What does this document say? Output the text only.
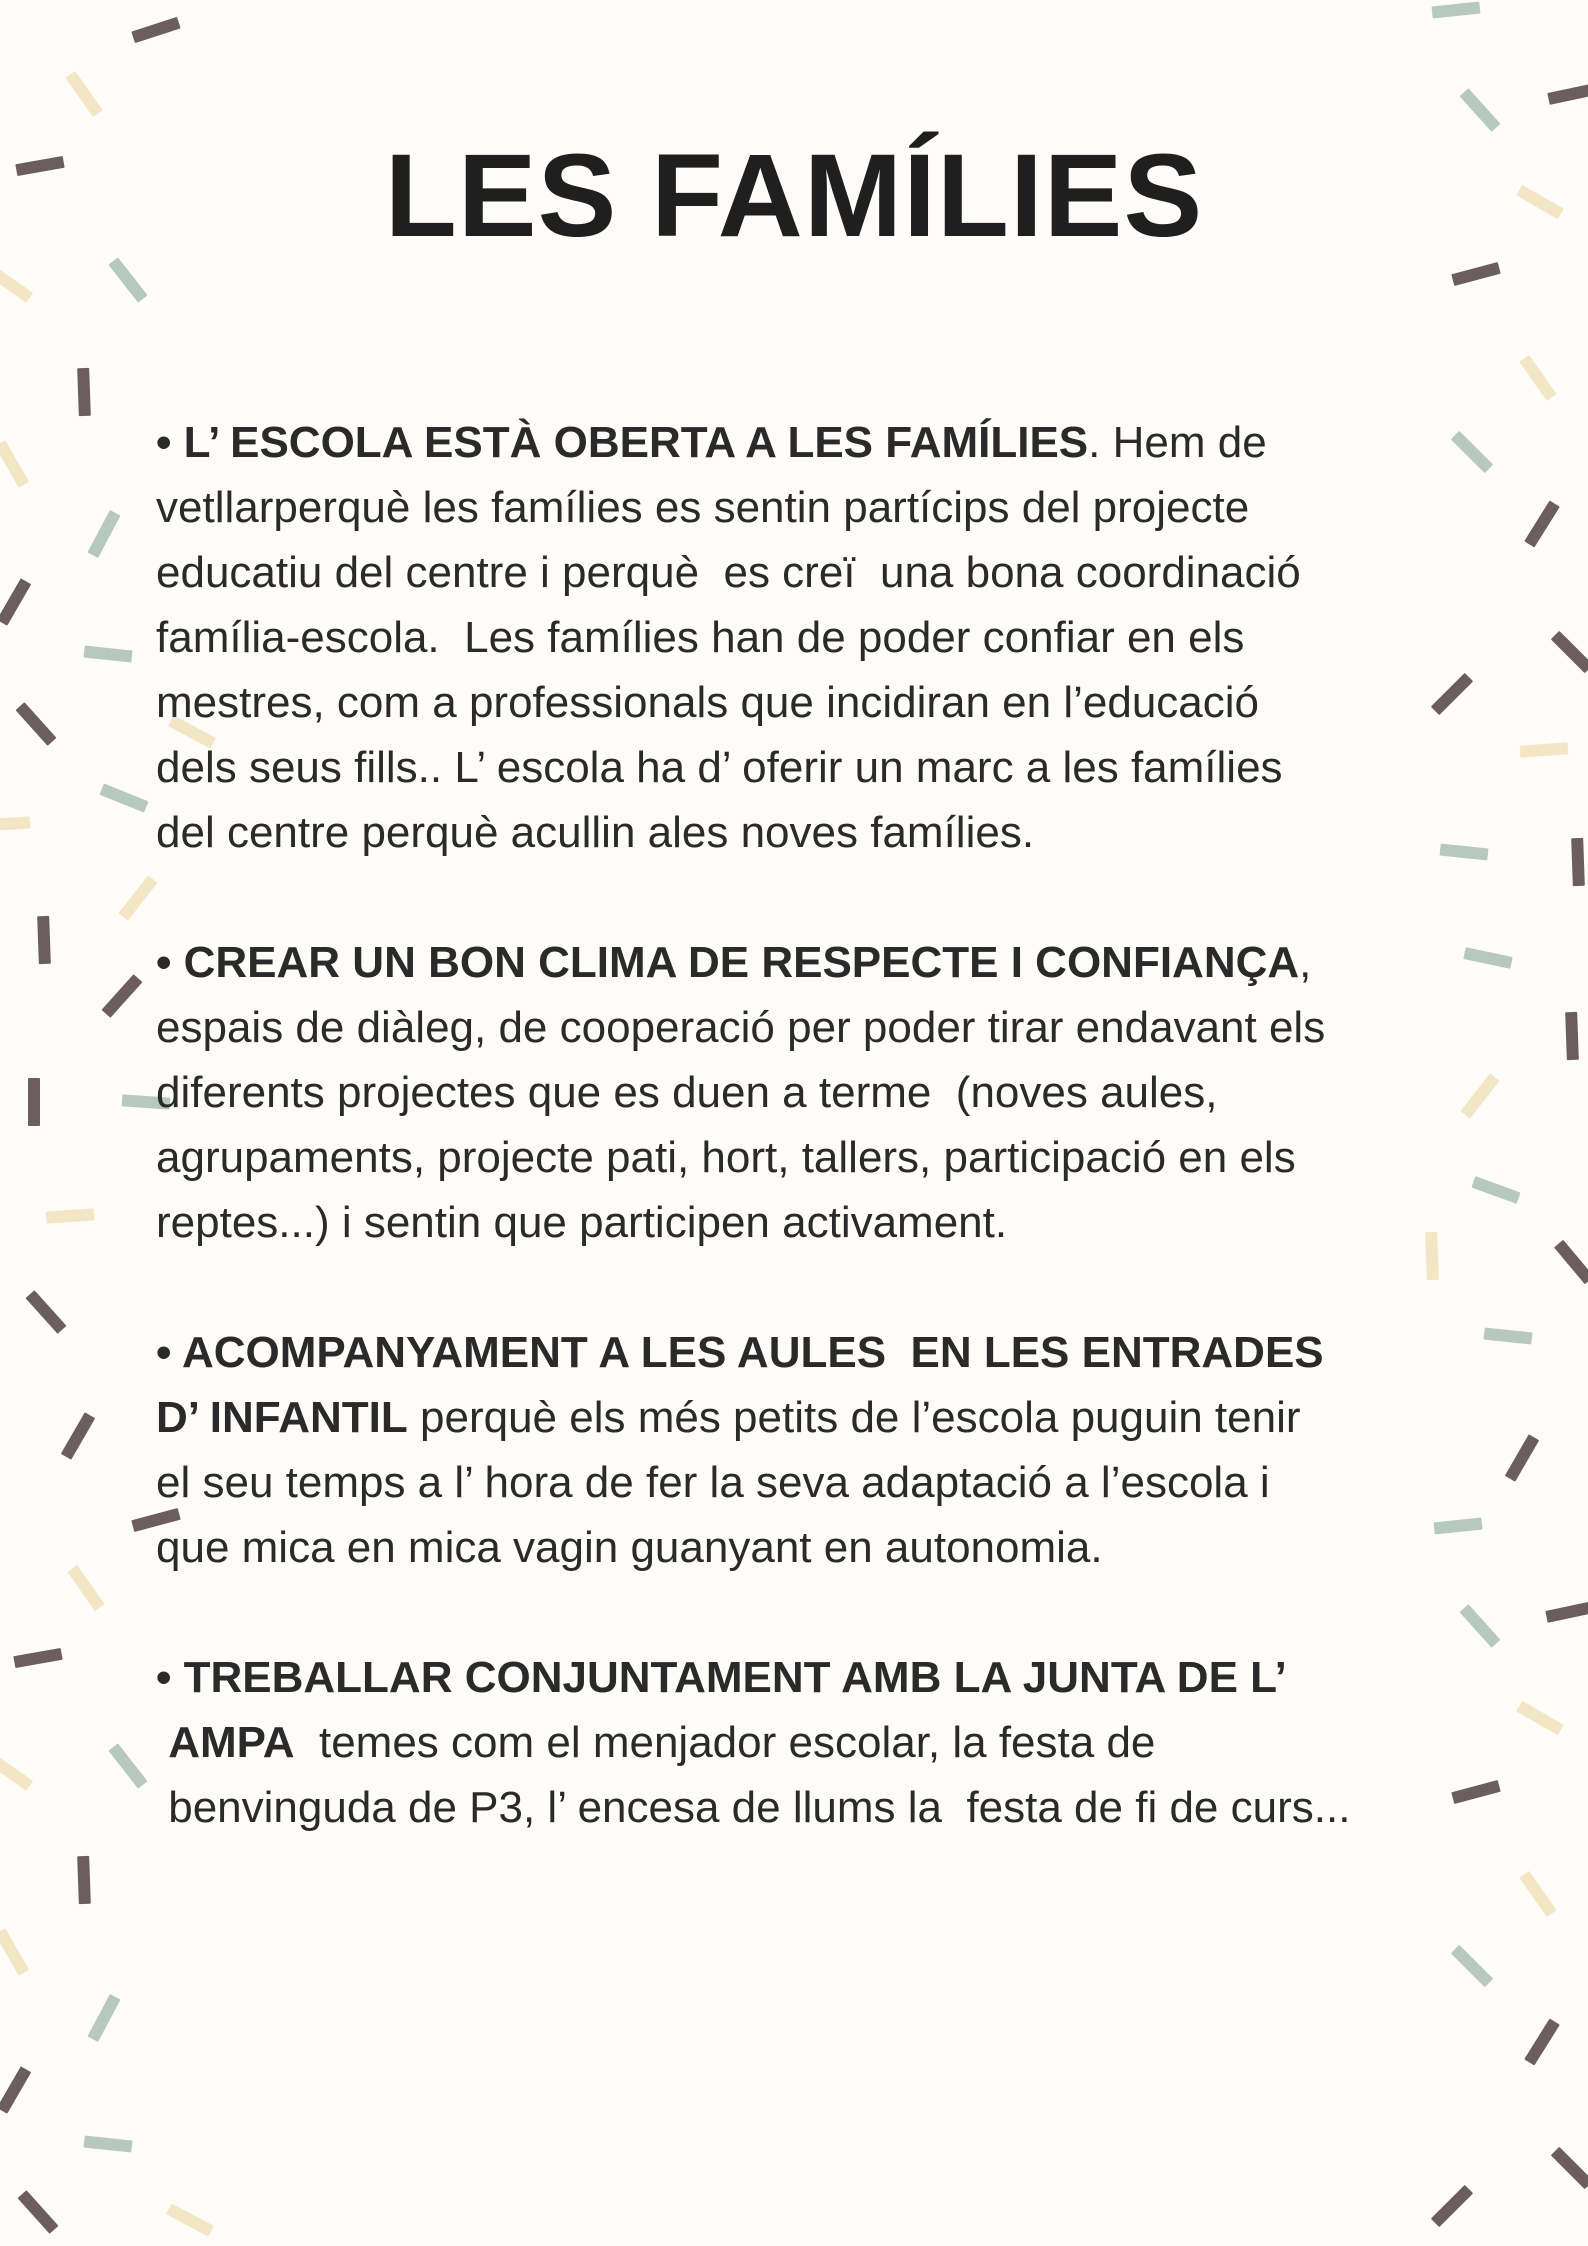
LES FAMÍLIES

• L’ ESCOLA ESTÀ OBERTA A LES FAMÍLIES. Hem de
vetllarperquè les famílies es sentin partícips del projecte
educatiu del centre i perquè  es creï  una bona coordinació
família-escola.  Les famílies han de poder confiar en els
mestres, com a professionals que incidiran en l’educació
dels seus fills.. L’ escola ha d’ oferir un marc a les famílies
del centre perquè acullin ales noves famílies.

• CREAR UN BON CLIMA DE RESPECTE I CONFIANÇA,
espais de diàleg, de cooperació per poder tirar endavant els
diferents projectes que es duen a terme  (noves aules,
agrupaments, projecte pati, hort, tallers, participació en els
reptes...) i sentin que participen activament.

• ACOMPANYAMENT A LES AULES  EN LES ENTRADES
D’ INFANTIL perquè els més petits de l’escola puguin tenir
el seu temps a l’ hora de fer la seva adaptació a l’escola i
que mica en mica vagin guanyant en autonomia.

• TREBALLAR CONJUNTAMENT AMB LA JUNTA DE L’
AMPA  temes com el menjador escolar, la festa de
benvinguda de P3, l’ encesa de llums la  festa de fi de curs...
